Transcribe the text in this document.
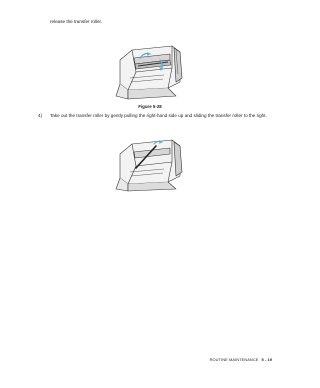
release the transfer roller.
Figure 5-28
4) Take out the transfer roller by gently pulling the right-hand side up and sliding the transfer roller to the right.
ROUTINE MAINTENANCE 5 - 19
